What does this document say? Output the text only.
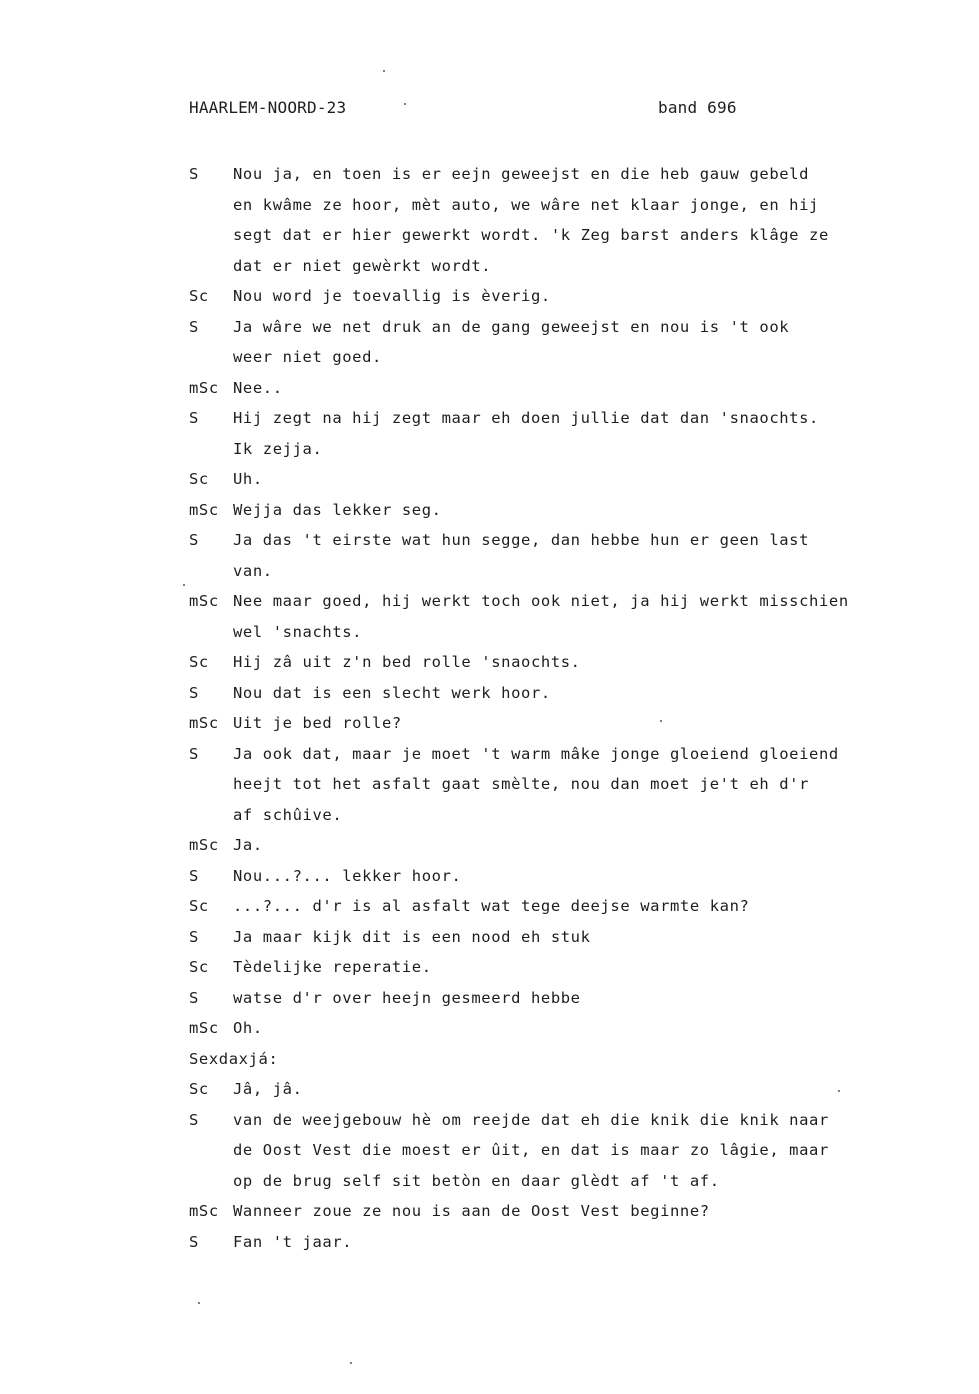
HAARLEM-NOORD-23	band 696
S	Nou ja, en toen is er eejn geweejst en die heb gauw gebeld
en kwâme ze hoor, mèt auto, we wâre net klaar jonge, en hij
segt dat er hier gewerkt wordt. 'k Zeg barst anders klâge ze
dat er niet gewèrkt wordt.
Sc	Nou word je toevallig is èverig.
S	Ja wâre we net druk an de gang geweejst en nou is 't ook
weer niet goed.
mSc Nee..
S	Hij zegt na hij zegt maar eh doen jullie dat dan 'snaochts.
Ik zejja.
Sc	Uh.
mSc Wejja das lekker seg.
S	Ja das 't eirste wat hun segge, dan hebbe hun er geen last
van.
mSc Nee maar goed, hij werkt toch ook niet, ja hij werkt misschien
wel 'snachts.
Sc	Hij zâ uit z'n bed rolle 'snaochts.
S	Nou dat is een slecht werk hoor.
mSc Uit je bed rolle?
S	Ja ook dat, maar je moet 't warm mâke jonge gloeiend gloeiend
heejt tot het asfalt gaat smèlte, nou dan moet je't eh d'r
af schûive.
mSc Ja.
S	Nou...?... lekker hoor.
Sc	...?... d'r is al asfalt wat tege deejse warmte kan?
S	Ja maar kijk dit is een nood eh stuk
Sc	Tèdelijke reperatie.
S	watse d'r over heejn gesmeerd hebbe
mSc Oh.
Sexdaxjá:

Sc	Jâ, jâ.
S	van de weejgebouw hè om reejde dat eh die knik die knik naar
de Oost Vest die moest er ûit, en dat is maar zo lâgie, maar
op de brug self sit betòn en daar glèdt af 't af.
mSc Wanneer zoue ze nou is aan de Oost Vest beginne?
S	Fan 't jaar.
